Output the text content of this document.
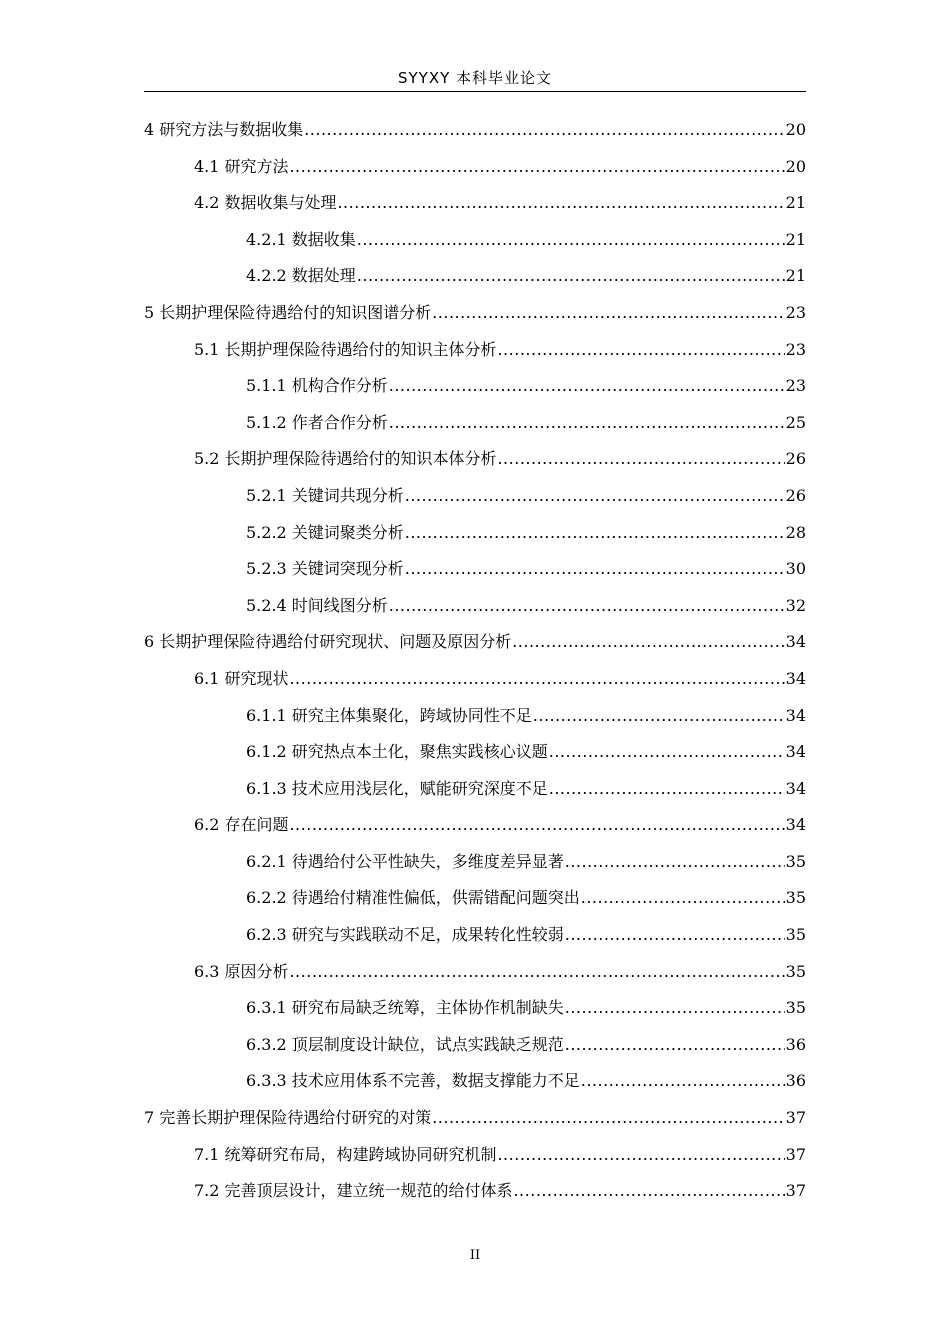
SYYXY 本科毕业论文
4 研究方法与数据收集 .....	20
4.1 研究方法 .....	20
4.2 数据收集与处理 .....	21
4.2.1 数据收集 .....	21
4.2.2 数据处理 .....	21
5 长期护理保险待遇给付的知识图谱分析 .....	23
5.1 长期护理保险待遇给付的知识主体分析 .....	23
5.1.1 机构合作分析 .....	23
5.1.2 作者合作分析 .....	25
5.2 长期护理保险待遇给付的知识本体分析 .....	26
5.2.1 关键词共现分析 .....	26
5.2.2 关键词聚类分析 .....	28
5.2.3 关键词突现分析 .....	30
5.2.4 时间线图分析 .....	32
6 长期护理保险待遇给付研究现状、问题及原因分析 .....	34
6.1 研究现状 .....	34
6.1.1 研究主体集聚化，跨域协同性不足 .....	34
6.1.2 研究热点本土化，聚焦实践核心议题 .....	34
6.1.3 技术应用浅层化，赋能研究深度不足 .....	34
6.2 存在问题 .....	34
6.2.1 待遇给付公平性缺失，多维度差异显著 .....	35
6.2.2 待遇给付精准性偏低，供需错配问题突出 .....	35
6.2.3 研究与实践联动不足，成果转化性较弱 .....	35
6.3 原因分析 .....	35
6.3.1 研究布局缺乏统筹，主体协作机制缺失 .....	35
6.3.2 顶层制度设计缺位，试点实践缺乏规范 .....	36
6.3.3 技术应用体系不完善，数据支撑能力不足 .....	36
7 完善长期护理保险待遇给付研究的对策 .....	37
7.1 统筹研究布局，构建跨域协同研究机制 .....	37
7.2 完善顶层设计，建立统一规范的给付体系 .....	37
II
